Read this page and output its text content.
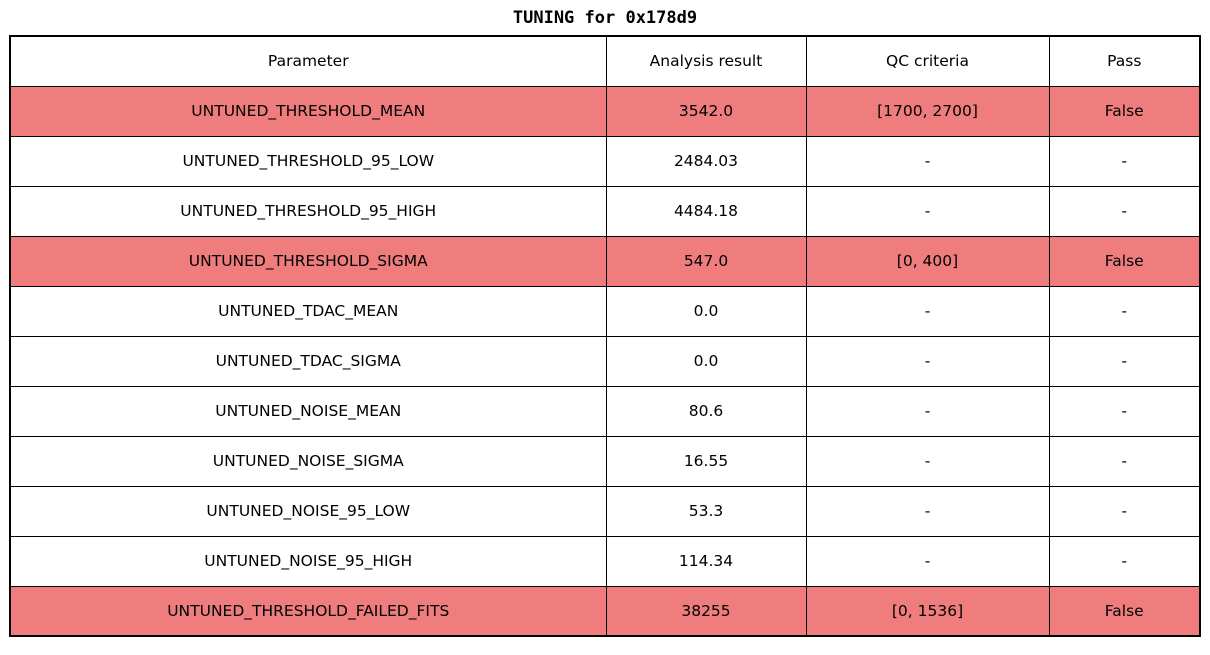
TUNING for 0x178d9
Parameter	Analysis result	QC criteria	Pass
UNTUNED_THRESHOLD_MEAN	3542.0	[1700, 2700]	False
UNTUNED_THRESHOLD_95_LOW	2484.03	-	-
UNTUNED_THRESHOLD_95_HIGH	4484.18	-	-
UNTUNED_THRESHOLD_SIGMA	547.0	[0, 400]	False
UNTUNED_TDAC_MEAN	0.0	-	-
UNTUNED_TDAC_SIGMA	0.0	-	-
UNTUNED_NOISE_MEAN	80.6	-	-
UNTUNED_NOISE_SIGMA	16.55	-	-
UNTUNED_NOISE_95_LOW	53.3	-	-
UNTUNED_NOISE_95_HIGH	114.34	-	-
UNTUNED_THRESHOLD_FAILED_FITS	38255	[0, 1536]	False
